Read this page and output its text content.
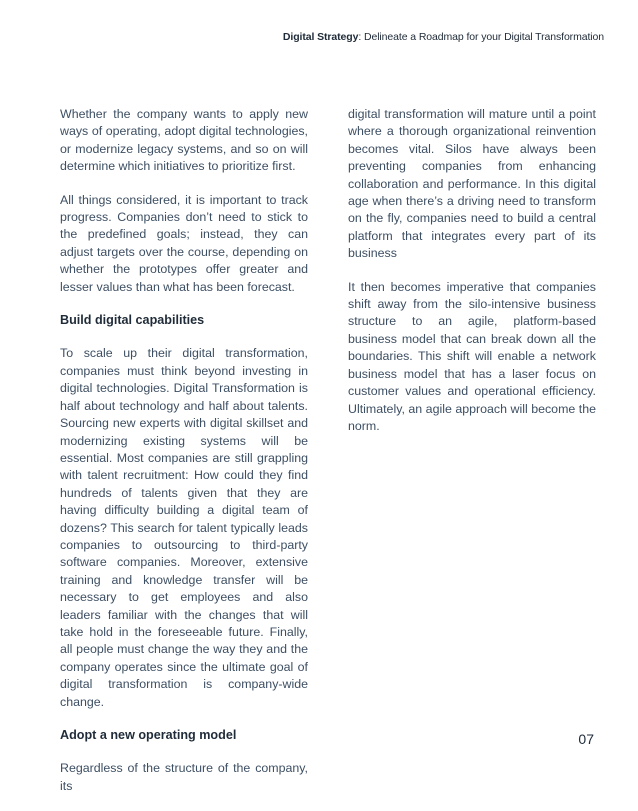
Digital Strategy: Delineate a Roadmap for your Digital Transformation

Whether the company wants to apply new ways of operating, adopt digital technologies, or modernize legacy systems, and so on will determine which initiatives to prioritize first.

All things considered, it is important to track progress. Companies don’t need to stick to the predefined goals; instead, they can adjust targets over the course, depending on whether the prototypes offer greater and lesser values than what has been forecast.

Build digital capabilities

To scale up their digital transformation, companies must think beyond investing in digital technologies. Digital Transformation is half about technology and half about talents. Sourcing new experts with digital skillset and modernizing existing systems will be essential. Most companies are still grappling with talent recruitment: How could they find hundreds of talents given that they are having difficulty building a digital team of dozens? This search for talent typically leads companies to outsourcing to third-party software companies. Moreover, extensive training and knowledge transfer will be necessary to get employees and also leaders familiar with the changes that will take hold in the foreseeable future. Finally, all people must change the way they and the company operates since the ultimate goal of digital transformation is company-wide change.

Adopt a new operating model

Regardless of the structure of the company, its

digital transformation will mature until a point where a thorough organizational reinvention becomes vital. Silos have always been preventing companies from enhancing collaboration and performance. In this digital age when there’s a driving need to transform on the fly, companies need to build a central platform that integrates every part of its business

It then becomes imperative that companies shift away from the silo-intensive business structure to an agile, platform-based business model that can break down all the boundaries. This shift will enable a network business model that has a laser focus on customer values and operational efficiency. Ultimately, an agile approach will become the norm.

07
